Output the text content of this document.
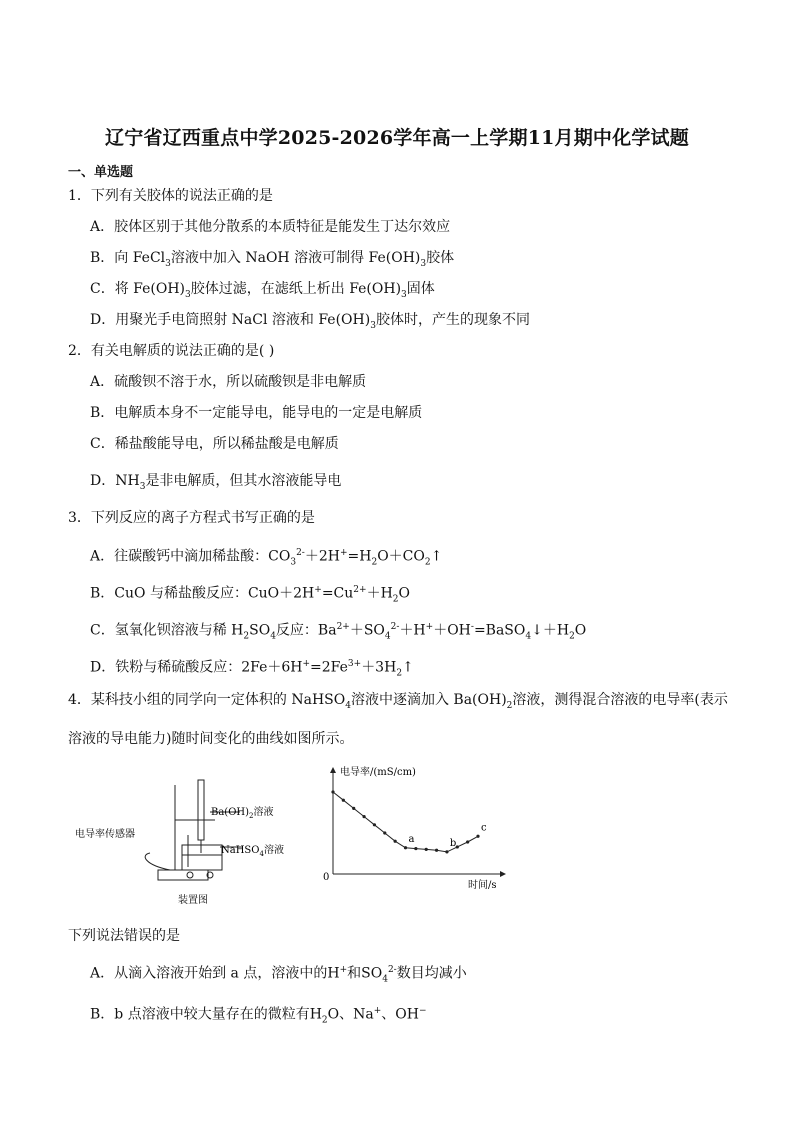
辽宁省辽西重点中学2025-2026学年高一上学期11月期中化学试题
一、单选题
1．下列有关胶体的说法正确的是
A．胶体区别于其他分散系的本质特征是能发生丁达尔效应
B．向 FeCl$_3$溶液中加入 NaOH 溶液可制得 $Fe(OH)_3$胶体
C．将 $Fe(OH)_3$胶体过滤，在滤纸上析出 $Fe(OH)_3$固体
D．用聚光手电筒照射 NaCl 溶液和 $Fe(OH)_3$胶体时，产生的现象不同
2．有关电解质的说法正确的是( )
A．硫酸钡不溶于水，所以硫酸钡是非电解质
B．电解质本身不一定能导电，能导电的一定是电解质
C．稀盐酸能导电，所以稀盐酸是电解质
D．$NH_3$是非电解质，但其水溶液能导电
3．下列反应的离子方程式书写正确的是
A．往碳酸钙中滴加稀盐酸：$CO_3^{2-}+2H^+=H_2O+CO_2↑$
B．CuO 与稀盐酸反应：$CuO+2H^+=Cu^{2+}+H_2O$
C．氢氧化钡溶液与稀 $H_2SO_4$反应：$Ba^{2+}+SO_4^{2-}+H^++OH^-=BaSO_4↓+H_2O$
D．铁粉与稀硫酸反应：$2Fe+6H^+=2Fe^{3+}+3H_2↑$
4．某科技小组的同学向一定体积的 NaHSO$_4$溶液中逐滴加入 $Ba(OH)_2$溶液，测得混合溶液的电导率(表示溶液的导电能力)随时间变化的曲线如图所示。
$Ba(OH)_2$溶液
电导率传感器
NaHSO$_4$溶液
装置图
电导率/(mS/cm)
时间/s
0
a	b
c
下列说法错误的是
A．从滴入溶液开始到 a 点，溶液中的H+和$SO_4^{2-}$数目均减小
B．b 点溶液中较大量存在的微粒有$H_2O$、Na+、OH−
